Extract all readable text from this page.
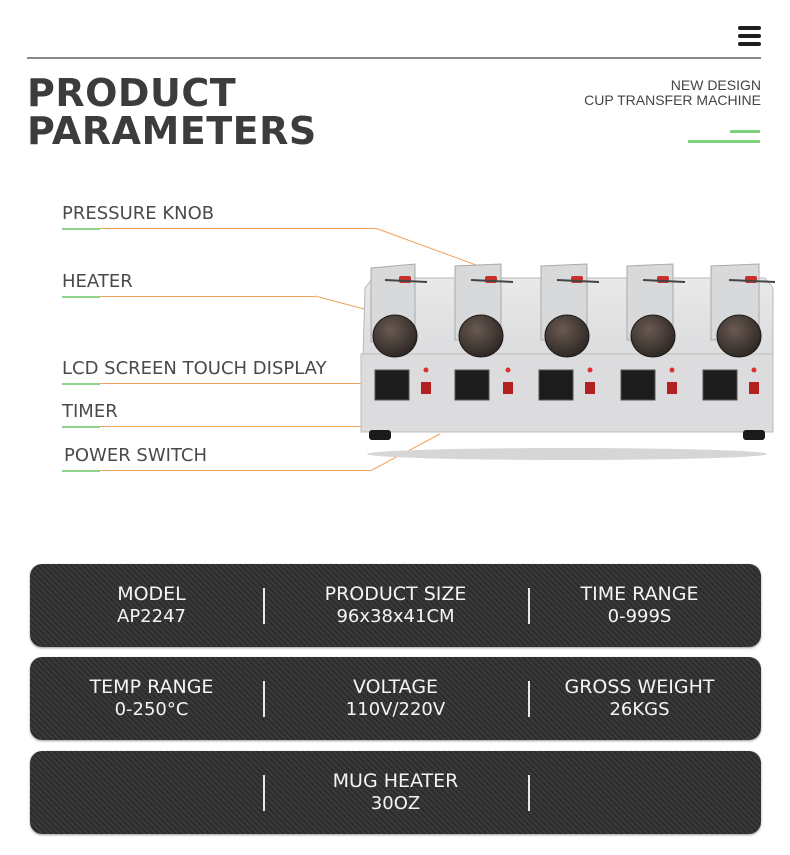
PRODUCT
PARAMETERS
NEW DESIGN
CUP TRANSFER MACHINE
PRESSURE KNOB
HEATER
LCD SCREEN TOUCH DISPLAY
TIMER
POWER SWITCH
MODEL
AP2247
PRODUCT SIZE
96x38x41CM
TIME RANGE
0-999S
TEMP RANGE
0-250°C
VOLTAGE
110V/220V
GROSS WEIGHT
26KGS
MUG HEATER
30OZ
